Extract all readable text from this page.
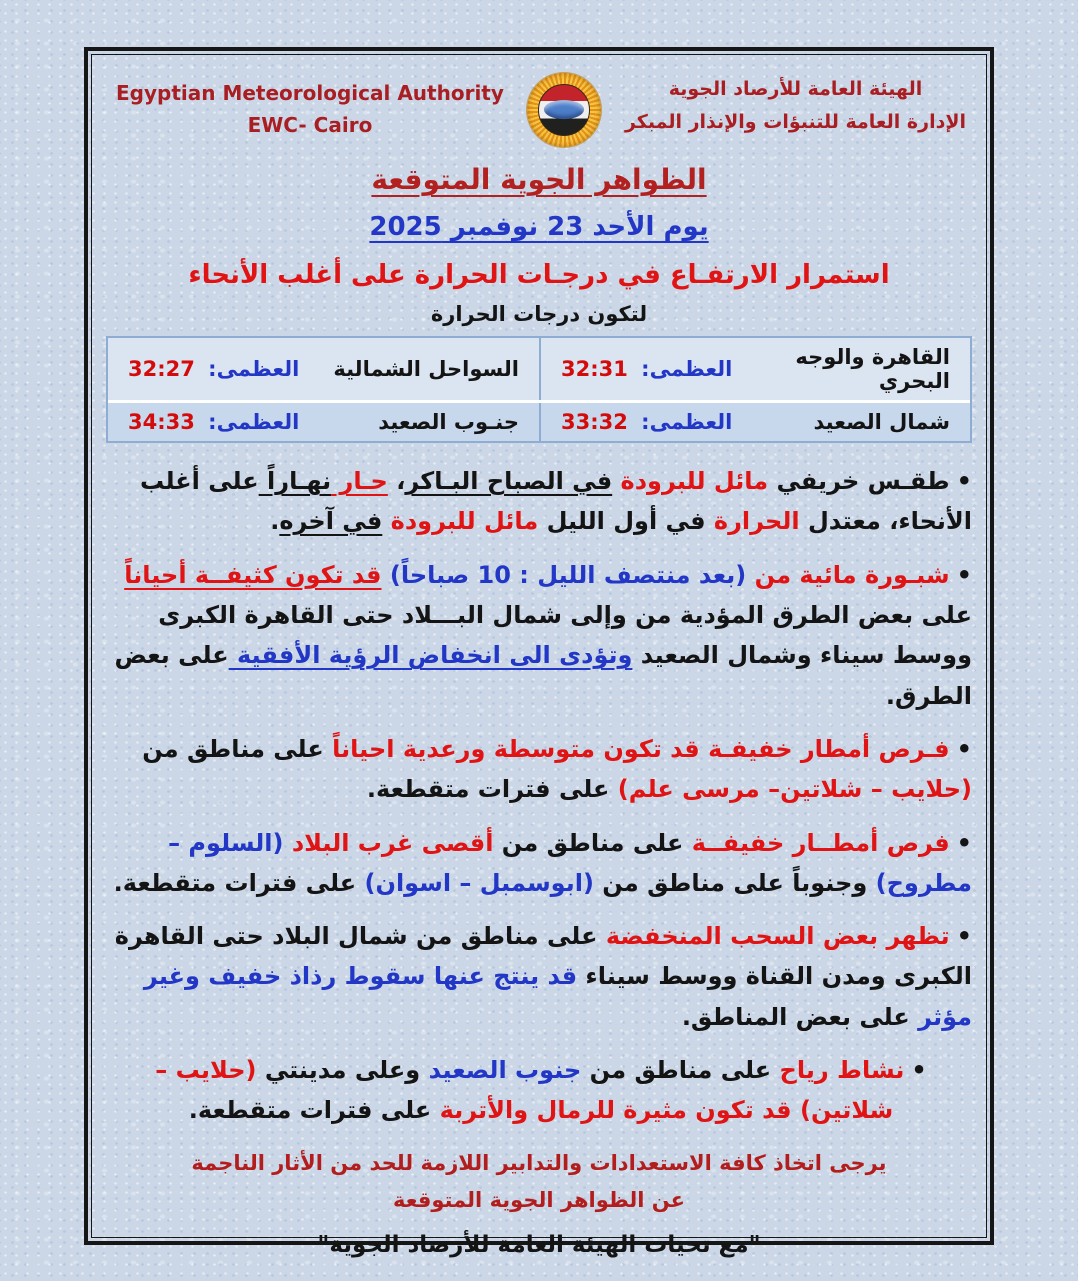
Egyptian Meteorological Authority
EWC- Cairo
الهيئة العامة للأرصاد الجوية
الإدارة العامة للتنبؤات والإنذار المبكر
الظواهر الجوية المتوقعة
يوم الأحد 23 نوفمبر 2025
استمرار الارتفـاع في درجـات الحرارة على أغلب الأنحاء
لتكون درجات الحرارة
القاهرة والوجه البحري
العظمى: 32:31
السواحل الشمالية
العظمى: 32:27
شمال الصعيد
العظمى: 33:32
جنـوب الصعيد
العظمى: 34:33
•طقـس خريفي مائل للبرودة في الصباح البـاكر، حـار نهـاراً على أغلب الأنحاء، معتدل الحرارة في أول الليل مائل للبرودة في آخره.
•شبـورة مائية من (بعد منتصف الليل : 10 صباحاً) قد تكون كثيفــة أحياناً على بعض الطرق المؤدية من وإلى شمال البـــلاد حتى القاهرة الكبرى ووسط سيناء وشمال الصعيد وتؤدى الى انخفاض الرؤية الأفقية على بعض الطرق.
•فـرص أمطار خفيفـة قد تكون متوسطة ورعدية احياناً على مناطق من (حلايب – شلاتين– مرسى علم) على فترات متقطعة.
•فرص أمطــار خفيفــة على مناطق من أقصى غرب البلاد (السلوم – مطروح) وجنوباً على مناطق من (ابوسمبل – اسوان) على فترات متقطعة.
•تظهر بعض السحب المنخفضة على مناطق من شمال البلاد حتى القاهرة الكبرى ومدن القناة ووسط سيناء قد ينتج عنها سقوط رذاذ خفيف وغير مؤثر على بعض المناطق.
•نشاط رياح على مناطق من جنوب الصعيد وعلى مدينتي (حلايب – شلاتين) قد تكون مثيرة للرمال والأتربة على فترات متقطعة.
يرجى اتخاذ كافة الاستعدادات والتدابير اللازمة للحد من الأثار الناجمة
عن الظواهر الجوية المتوقعة
"مع تحيات الهيئة العامة للأرصاد الجوية"
